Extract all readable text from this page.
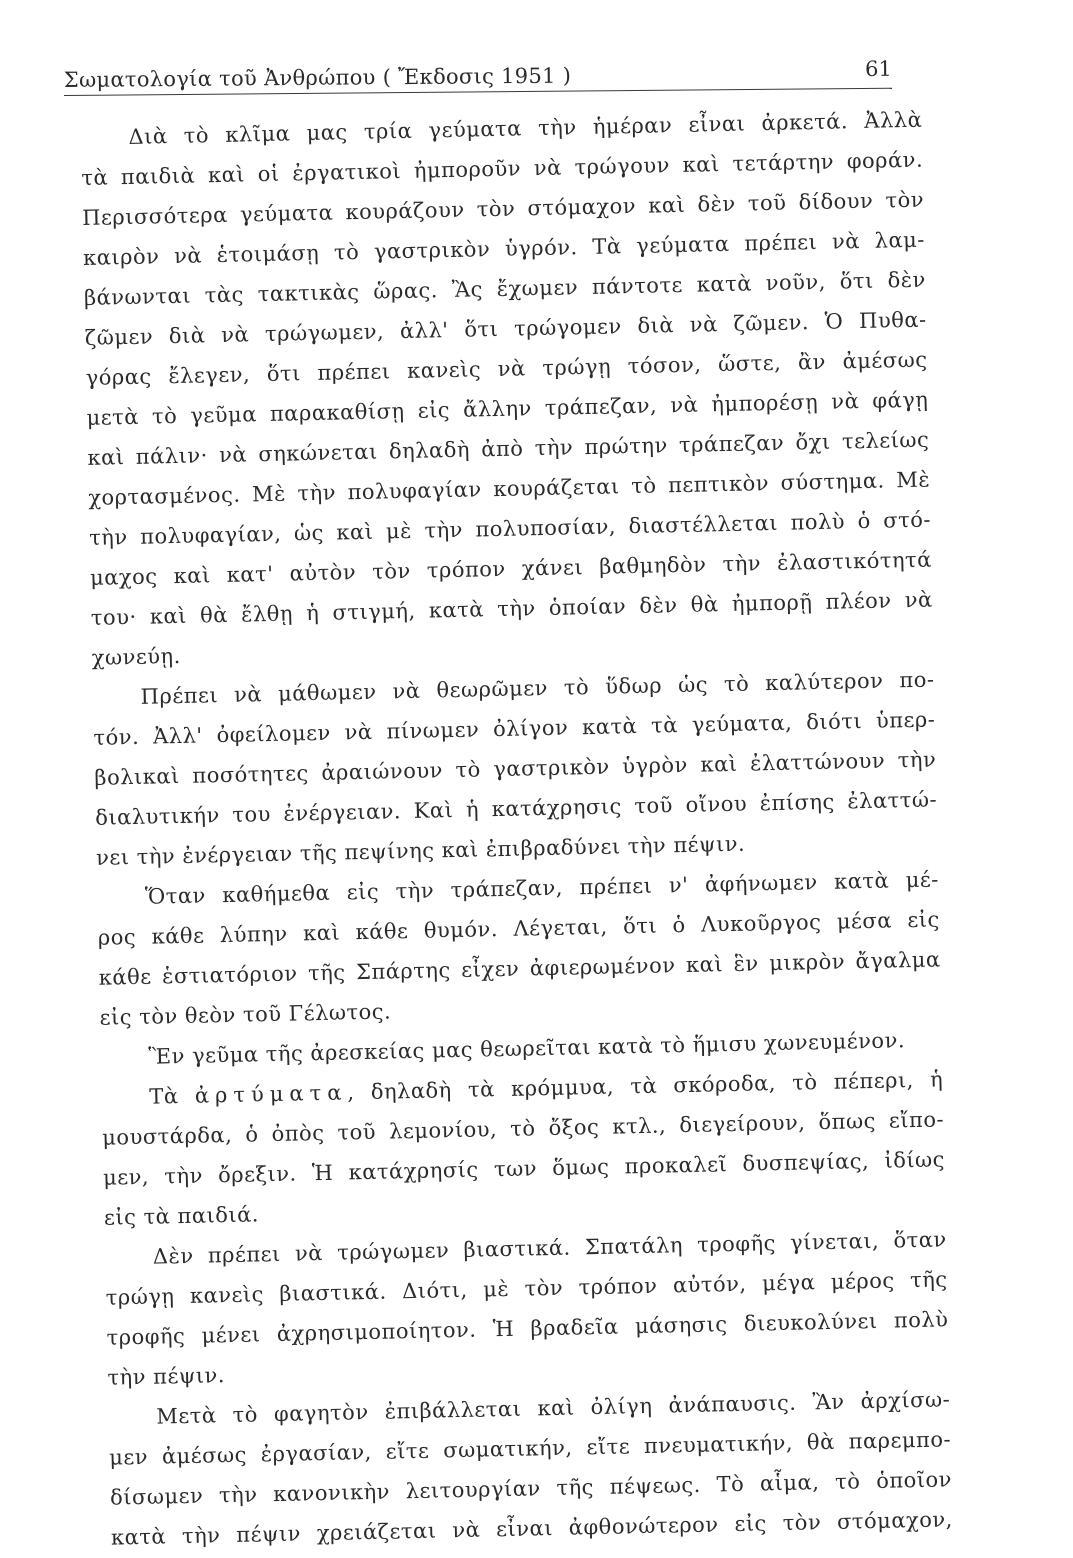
Σωματολογία τοῦ Ἀνθρώπου ( Ἔκδοσις 1951 )	61
Διὰ τὸ κλῖμα μας τρία γεύματα τὴν ἡμέραν εἶναι ἀρκετά. Ἀλλὰ
τὰ παιδιὰ καὶ οἱ ἐργατικοὶ ἠμποροῦν νὰ τρώγουν καὶ τετάρτην φοράν.
Περισσότερα γεύματα κουράζουν τὸν στόμαχον καὶ δὲν τοῦ δίδουν τὸν
καιρὸν νὰ ἑτοιμάσῃ τὸ γαστρικὸν ὑγρόν. Τὰ γεύματα πρέπει νὰ λαμ-
βάνωνται τὰς τακτικὰς ὥρας. Ἂς ἔχωμεν πάντοτε κατὰ νοῦν, ὅτι δὲν
ζῶμεν διὰ νὰ τρώγωμεν, ἀλλ' ὅτι τρώγομεν διὰ νὰ ζῶμεν. Ὁ Πυθα-
γόρας ἔλεγεν, ὅτι πρέπει κανεὶς νὰ τρώγῃ τόσον, ὥστε, ἂν ἀμέσως
μετὰ τὸ γεῦμα παρακαθίσῃ εἰς ἄλλην τράπεζαν, νὰ ἠμπορέσῃ νὰ φάγῃ
καὶ πάλιν· νὰ σηκώνεται δηλαδὴ ἀπὸ τὴν πρώτην τράπεζαν ὄχι τελείως
χορτασμένος. Μὲ τὴν πολυφαγίαν κουράζεται τὸ πεπτικὸν σύστημα. Μὲ
τὴν πολυφαγίαν, ὡς καὶ μὲ τὴν πολυποσίαν, διαστέλλεται πολὺ ὁ στό-
μαχος καὶ κατ' αὐτὸν τὸν τρόπον χάνει βαθμηδὸν τὴν ἐλαστικότητά
του· καὶ θὰ ἔλθῃ ἡ στιγμή, κατὰ τὴν ὁποίαν δὲν θὰ ἠμπορῇ πλέον νὰ
χωνεύῃ.
Πρέπει νὰ μάθωμεν νὰ θεωρῶμεν τὸ ὕδωρ ὡς τὸ καλύτερον πο-
τόν. Ἀλλ' ὀφείλομεν νὰ πίνωμεν ὀλίγον κατὰ τὰ γεύματα, διότι ὑπερ-
βολικαὶ ποσότητες ἀραιώνουν τὸ γαστρικὸν ὑγρὸν καὶ ἐλαττώνουν τὴν
διαλυτικήν του ἐνέργειαν. Καὶ ἡ κατάχρησις τοῦ οἴνου ἐπίσης ἐλαττώ-
νει τὴν ἐνέργειαν τῆς πεψίνης καὶ ἐπιβραδύνει τὴν πέψιν.
Ὅταν καθήμεθα εἰς τὴν τράπεζαν, πρέπει ν' ἀφήνωμεν κατὰ μέ-
ρος κάθε λύπην καὶ κάθε θυμόν. Λέγεται, ὅτι ὁ Λυκοῦργος μέσα εἰς
κάθε ἑστιατόριον τῆς Σπάρτης εἶχεν ἀφιερωμένον καὶ ἓν μικρὸν ἄγαλμα
εἰς τὸν θεὸν τοῦ Γέλωτος.
Ἓν γεῦμα τῆς ἀρεσκείας μας θεωρεῖται κατὰ τὸ ἥμισυ χωνευμένον.
Τὰ ἀρτύματα, δηλαδὴ τὰ κρόμμυα, τὰ σκόροδα, τὸ πέπερι, ἡ
μουστάρδα, ὁ ὀπὸς τοῦ λεμονίου, τὸ ὄξος κτλ., διεγείρουν, ὅπως εἴπο-
μεν, τὴν ὄρεξιν. Ἡ κατάχρησίς των ὅμως προκαλεῖ δυσπεψίας, ἰδίως
εἰς τὰ παιδιά.
Δὲν πρέπει νὰ τρώγωμεν βιαστικά. Σπατάλη τροφῆς γίνεται, ὅταν
τρώγῃ κανεὶς βιαστικά. Διότι, μὲ τὸν τρόπον αὐτόν, μέγα μέρος τῆς
τροφῆς μένει ἀχρησιμοποίητον. Ἡ βραδεῖα μάσησις διευκολύνει πολὺ
τὴν πέψιν.
Μετὰ τὸ φαγητὸν ἐπιβάλλεται καὶ ὀλίγη ἀνάπαυσις. Ἂν ἀρχίσω-
μεν ἀμέσως ἐργασίαν, εἴτε σωματικήν, εἴτε πνευματικήν, θὰ παρεμπο-
δίσωμεν τὴν κανονικὴν λειτουργίαν τῆς πέψεως. Τὸ αἷμα, τὸ ὁποῖον
κατὰ τὴν πέψιν χρειάζεται νὰ εἶναι ἀφθονώτερον εἰς τὸν στόμαχον,
